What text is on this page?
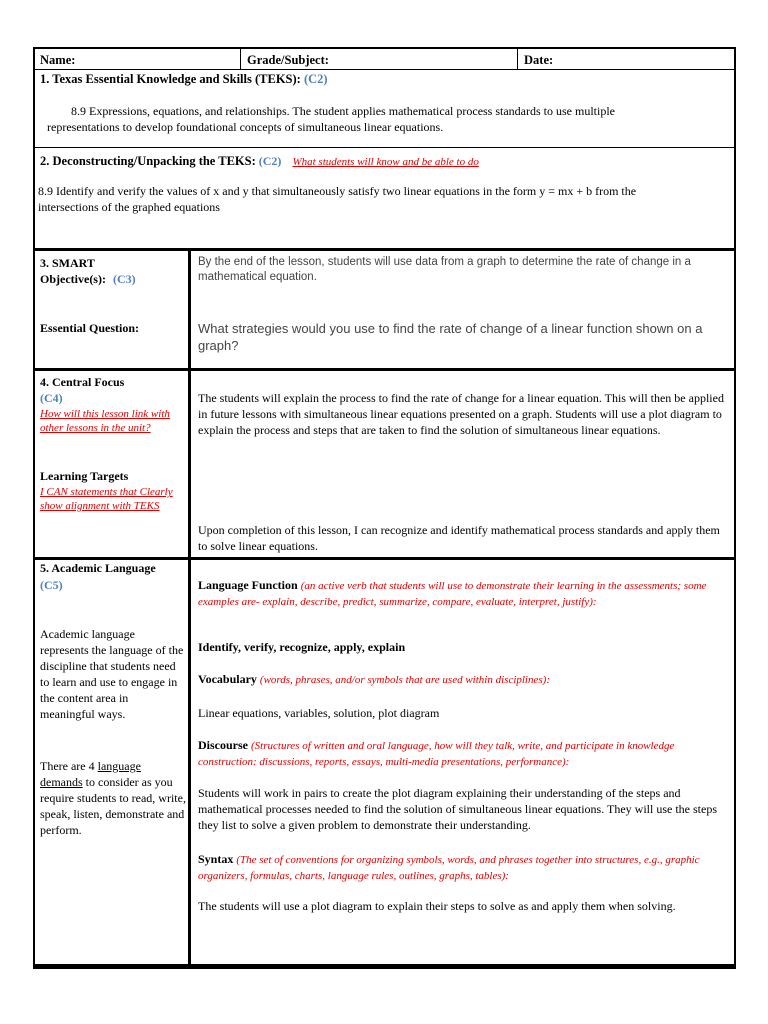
Name:	Grade/Subject:	Date:
1. Texas Essential Knowledge and Skills (TEKS): (C2)
8.9 Expressions, equations, and relationships. The student applies mathematical process standards to use multiple
representations to develop foundational concepts of simultaneous linear equations.
2. Deconstructing/Unpacking the TEKS: (C2) What students will know and be able to do
8.9 Identify and verify the values of x and y that simultaneously satisfy two linear equations in the form y = mx + b from the
intersections of the graphed equations
3. SMART
Objective(s): (C3)
Essential Question:
By the end of the lesson, students will use data from a graph to determine the rate of change in a mathematical equation.
What strategies would you use to find the rate of change of a linear function shown on a graph?
4. Central Focus
(C4)
How will this lesson link with other lessons in the unit?
Learning Targets
I CAN statements that Clearly show alignment with TEKS
The students will explain the process to find the rate of change for a linear equation. This will then be applied in future lessons with simultaneous linear equations presented on a graph. Students will use a plot diagram to explain the process and steps that are taken to find the solution of simultaneous linear equations.
Upon completion of this lesson, I can recognize and identify mathematical process standards and apply them to solve linear equations.
5. Academic Language
(C5)
Academic language represents the language of the discipline that students need to learn and use to engage in the content area in meaningful ways.
There are 4 language demands to consider as you require students to read, write, speak, listen, demonstrate and perform.
Language Function (an active verb that students will use to demonstrate their learning in the assessments; some examples are- explain, describe, predict, summarize, compare, evaluate, interpret, justify):
Identify, verify, recognize, apply, explain
Vocabulary (words, phrases, and/or symbols that are used within disciplines):
Linear equations, variables, solution, plot diagram
Discourse (Structures of written and oral language, how will they talk, write, and participate in knowledge construction: discussions, reports, essays, multi-media presentations, performance):
Students will work in pairs to create the plot diagram explaining their understanding of the steps and mathematical processes needed to find the solution of simultaneous linear equations. They will use the steps they list to solve a given problem to demonstrate their understanding.
Syntax (The set of conventions for organizing symbols, words, and phrases together into structures, e.g., graphic organizers, formulas, charts, language rules, outlines, graphs, tables):
The students will use a plot diagram to explain their steps to solve as and apply them when solving.
